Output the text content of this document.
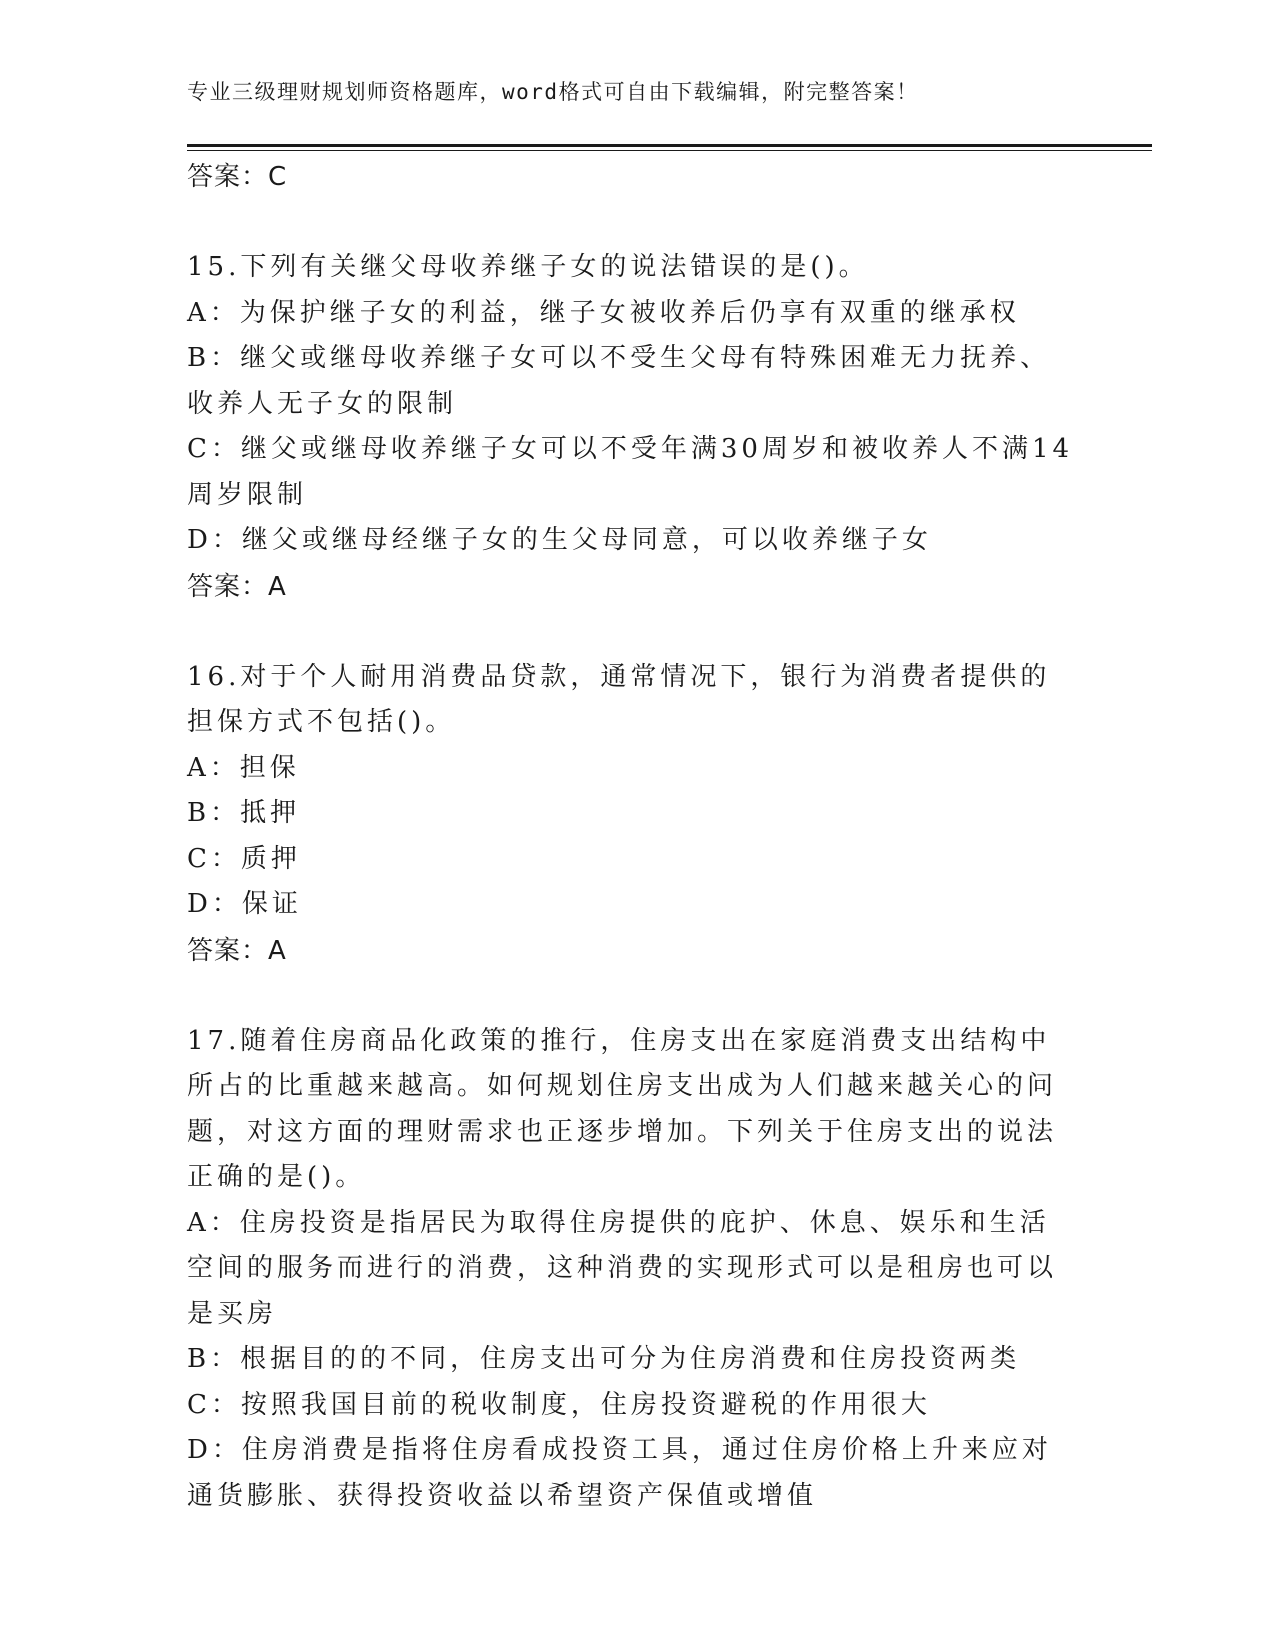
专业三级理财规划师资格题库，word格式可自由下载编辑，附完整答案！
答案：C
15.下列有关继父母收养继子女的说法错误的是()。
A：为保护继子女的利益，继子女被收养后仍享有双重的继承权
B：继父或继母收养继子女可以不受生父母有特殊困难无力抚养、收养人无子女的限制
C：继父或继母收养继子女可以不受年满30周岁和被收养人不满14周岁限制
D：继父或继母经继子女的生父母同意，可以收养继子女
答案：A
16.对于个人耐用消费品贷款，通常情况下，银行为消费者提供的担保方式不包括()。
A：担保
B：抵押
C：质押
D：保证
答案：A
17.随着住房商品化政策的推行，住房支出在家庭消费支出结构中所占的比重越来越高。如何规划住房支出成为人们越来越关心的问题，对这方面的理财需求也正逐步增加。下列关于住房支出的说法正确的是()。
A：住房投资是指居民为取得住房提供的庇护、休息、娱乐和生活空间的服务而进行的消费，这种消费的实现形式可以是租房也可以是买房
B：根据目的的不同，住房支出可分为住房消费和住房投资两类
C：按照我国目前的税收制度，住房投资避税的作用很大
D：住房消费是指将住房看成投资工具，通过住房价格上升来应对通货膨胀、获得投资收益以希望资产保值或增值
